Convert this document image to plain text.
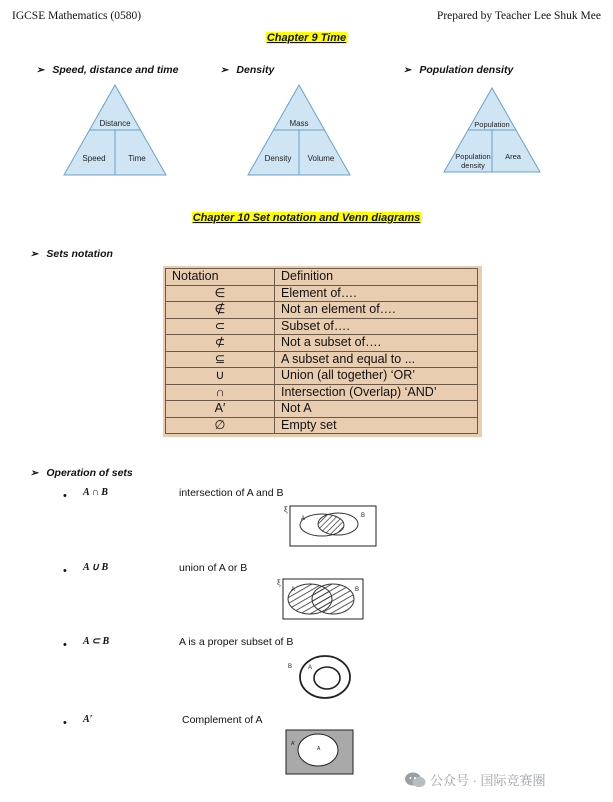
IGCSE Mathematics (0580)	Prepared by Teacher Lee Shuk Mee
Chapter 9 Time
➢ Speed, distance and time	➢ Density	➢ Population density
Distance
Speed	Time
Mass
Density Volume
Population
Population
density
Area
Chapter 10 Set notation and Venn diagrams
➢ Sets notation
Notation	Definition
∈	Element of….
∉	Not an element of….
⊂	Subset of….
⊄	Not a subset of….
⊆	A subset and equal to ...
∪	Union (all together) ‘OR’
∩	Intersection (Overlap) ‘AND’
A′	Not A
∅	Empty set
➢ Operation of sets
• A ∩ B	intersection of A and B
ξ
A	B
• A ∪ B	union of A or B
ξ
A	B
• A ⊂ B	A is a proper subset of B
B	A
• A′	Complement of A
A′
A
公众号 · 国际竞赛圈
